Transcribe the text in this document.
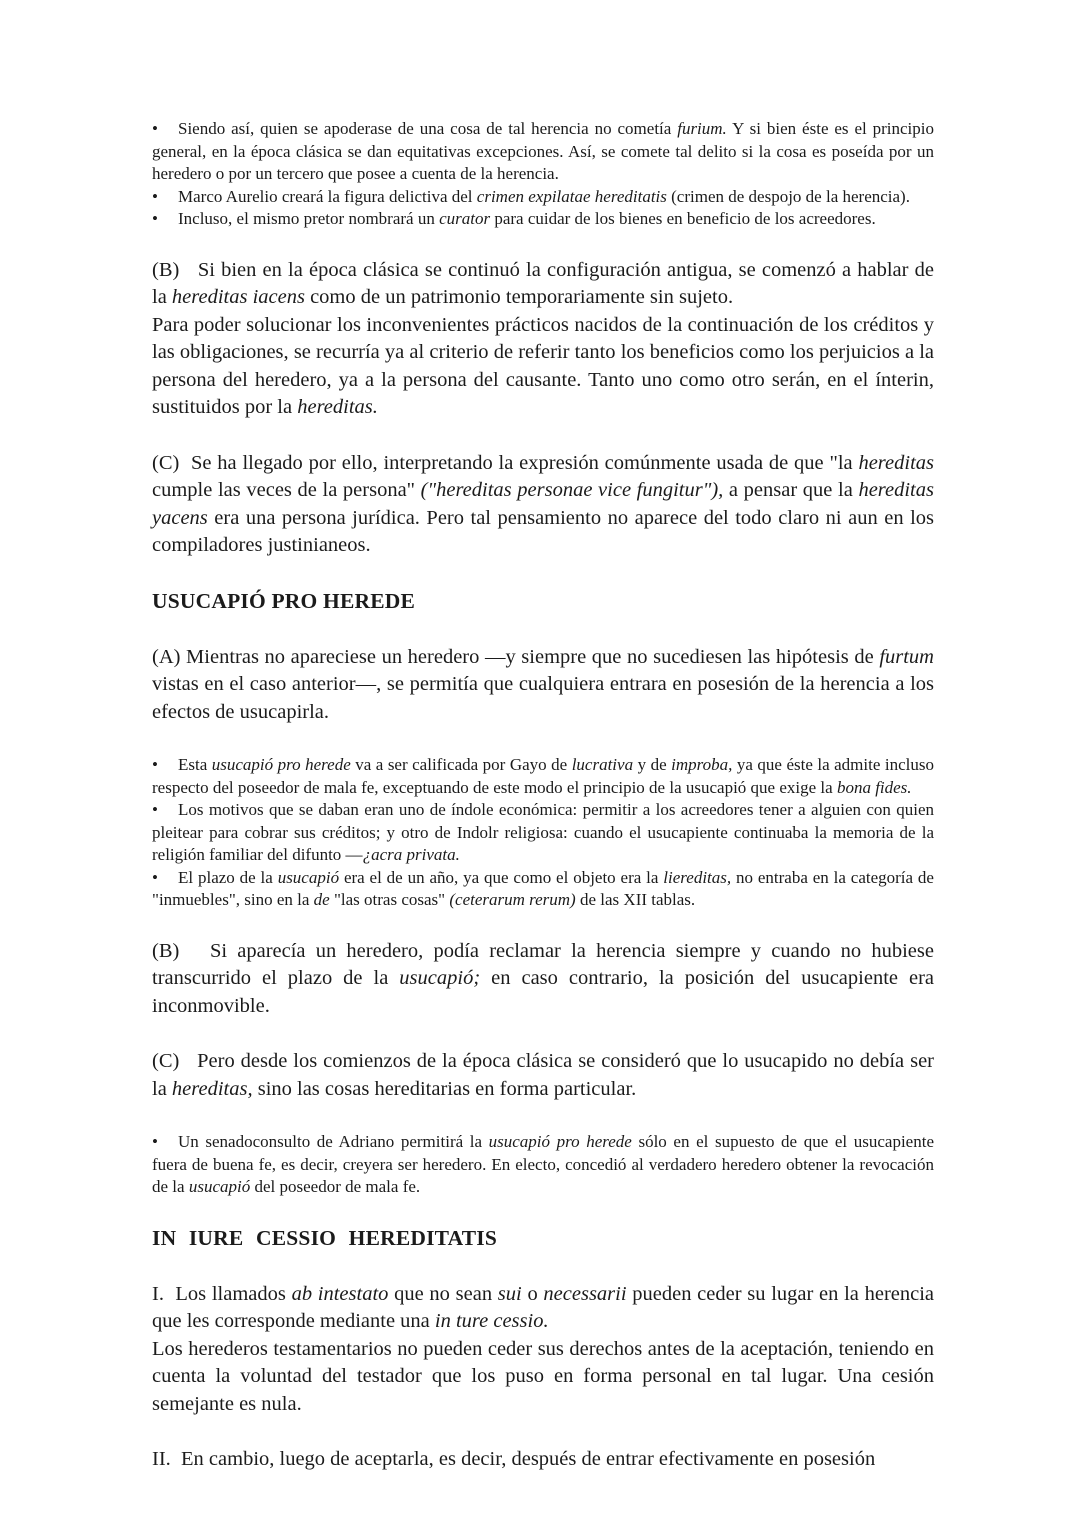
• Siendo así, quien se apoderase de una cosa de tal herencia no cometía furium. Y si bien éste es el principio general, en la época clásica se dan equitativas excepciones. Así, se comete tal delito si la cosa es poseída por un heredero o por un tercero que posee a cuenta de la herencia.
• Marco Aurelio creará la figura delictiva del crimen expilatae hereditatis (crimen de despojo de la herencia).
• Incluso, el mismo pretor nombrará un curator para cuidar de los bienes en beneficio de los acreedores.

(B)   Si bien en la época clásica se continuó la configuración antigua, se comenzó a hablar de la hereditas iacens como de un patrimonio temporariamente sin sujeto.
Para poder solucionar los inconvenientes prácticos nacidos de la continuación de los créditos y las obligaciones, se recurría ya al criterio de referir tanto los beneficios como los perjuicios a la persona del heredero, ya a la persona del causante. Tanto uno como otro serán, en el ínterin, sustituidos por la hereditas.

(C)  Se ha llegado por ello, interpretando la expresión comúnmente usada de que "la hereditas cumple las veces de la persona" ("hereditas personae vice fungitur"), a pensar que la hereditas yacens era una persona jurídica. Pero tal pensamiento no aparece del todo claro ni aun en los compiladores justinianeos.

USUCAPIÓ PRO HEREDE

(A) Mientras no apareciese un heredero —y siempre que no sucediesen las hipótesis de furtum vistas en el caso anterior—, se permitía que cualquiera entrara en posesión de la herencia a los efectos de usucapirla.

• Esta usucapió pro herede va a ser calificada por Gayo de lucrativa y de improba, ya que éste la admite incluso respecto del poseedor de mala fe, exceptuando de este modo el principio de la usucapió que exige la bona fides.
• Los motivos que se daban eran uno de índole económica: permitir a los acreedores tener a alguien con quien pleitear para cobrar sus créditos; y otro de Indolr religiosa: cuando el usucapiente continuaba la memoria de la religión familiar del difunto —¿acra privata.
• El plazo de la usucapió era el de un año, ya que como el objeto era la liereditas, no entraba en la categoría de "inmuebles", sino en la de "las otras cosas" (ceterarum rerum) de las XII tablas.

(B)   Si aparecía un heredero, podía reclamar la herencia siempre y cuando no hubiese transcurrido el plazo de la usucapió; en caso contrario, la posición del usucapiente era inconmovible.

(C)   Pero desde los comienzos de la época clásica se consideró que lo usucapido no debía ser la hereditas, sino las cosas hereditarias en forma particular.

• Un senadoconsulto de Adriano permitirá la usucapió pro herede sólo en el supuesto de que el usucapiente fuera de buena fe, es decir, creyera ser heredero. En electo, concedió al verdadero heredero obtener la revocación de la usucapió del poseedor de mala fe.
IN IURE CESSIO HEREDITATIS

I.  Los llamados ab intestato que no sean sui o necessarii pueden ceder su lugar en la herencia que les corresponde mediante una in ture cessio.
Los herederos testamentarios no pueden ceder sus derechos antes de la aceptación, teniendo en cuenta la voluntad del testador que los puso en forma personal en tal lugar. Una cesión semejante es nula.

II.  En cambio, luego de aceptarla, es decir, después de entrar efectivamente en posesión
